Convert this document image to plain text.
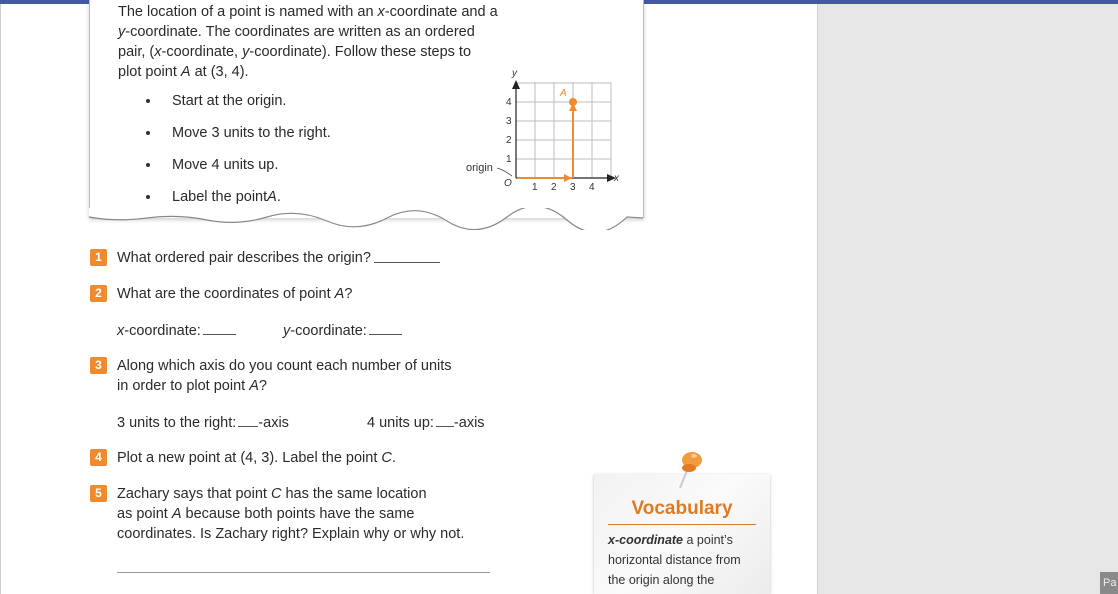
The location of a point is named with an x-coordinate and a y-coordinate. The coordinates are written as an ordered pair, (x-coordinate, y-coordinate). Follow these steps to plot point A at (3, 4).
Start at the origin.
Move 3 units to the right.
Move 4 units up.
Label the point A .
y
x
O 1 2 3 4
1
2
3
4
origin
A
1	What ordered pair describes the origin?
2	What are the coordinates of point A?
x-coordinate:	y-coordinate:
3	Along which axis do you count each number of units
in order to plot point A?
3 units to the right: -axis	4 units up: -axis
4	Plot a new point at (4, 3). Label the point C.
5	Zachary says that point C has the same location
as point A because both points have the same
coordinates. Is Zachary right? Explain why or why not.
Vocabulary
x-coordinate a point’s horizontal distance from the origin along the	Pa
